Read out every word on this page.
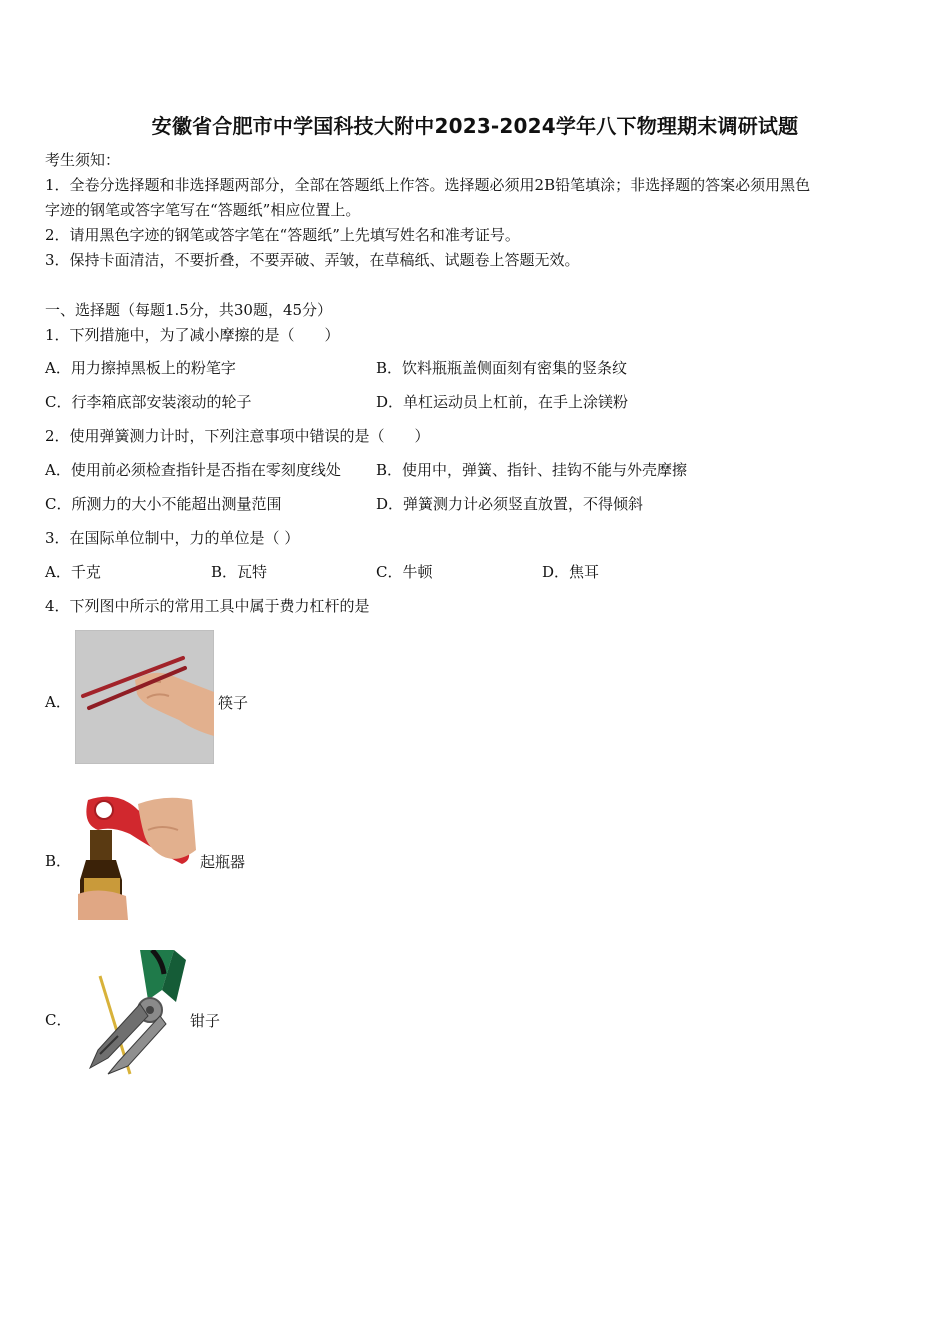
安徽省合肥市中学国科技大附中2023-2024学年八下物理期末调研试题
考生须知：
1．全卷分选择题和非选择题两部分，全部在答题纸上作答。选择题必须用2B铅笔填涂；非选择题的答案必须用黑色
字迹的钢笔或答字笔写在“答题纸”相应位置上。
2．请用黑色字迹的钢笔或答字笔在“答题纸”上先填写姓名和准考证号。
3．保持卡面清洁，不要折叠，不要弄破、弄皱，在草稿纸、试题卷上答题无效。
一、选择题（每题1.5分，共30题，45分）
1．下列措施中，为了减小摩擦的是（　　）
A．用力擦掉黑板上的粉笔字	B．饮料瓶瓶盖侧面刻有密集的竖条纹
C．行李箱底部安装滚动的轮子	D．单杠运动员上杠前，在手上涂镁粉
2．使用弹簧测力计时，下列注意事项中错误的是（　　）
A．使用前必须检查指针是否指在零刻度线处 B．使用中，弹簧、指针、挂钩不能与外壳摩擦
C．所测力的大小不能超出测量范围	D．弹簧测力计必须竖直放置，不得倾斜
3．在国际单位制中，力的单位是（ ）
A．千克	B．瓦特	C．牛顿	D．焦耳
4．下列图中所示的常用工具中属于费力杠杆的是
A．	筷子
B．	起瓶器
C．	钳子
